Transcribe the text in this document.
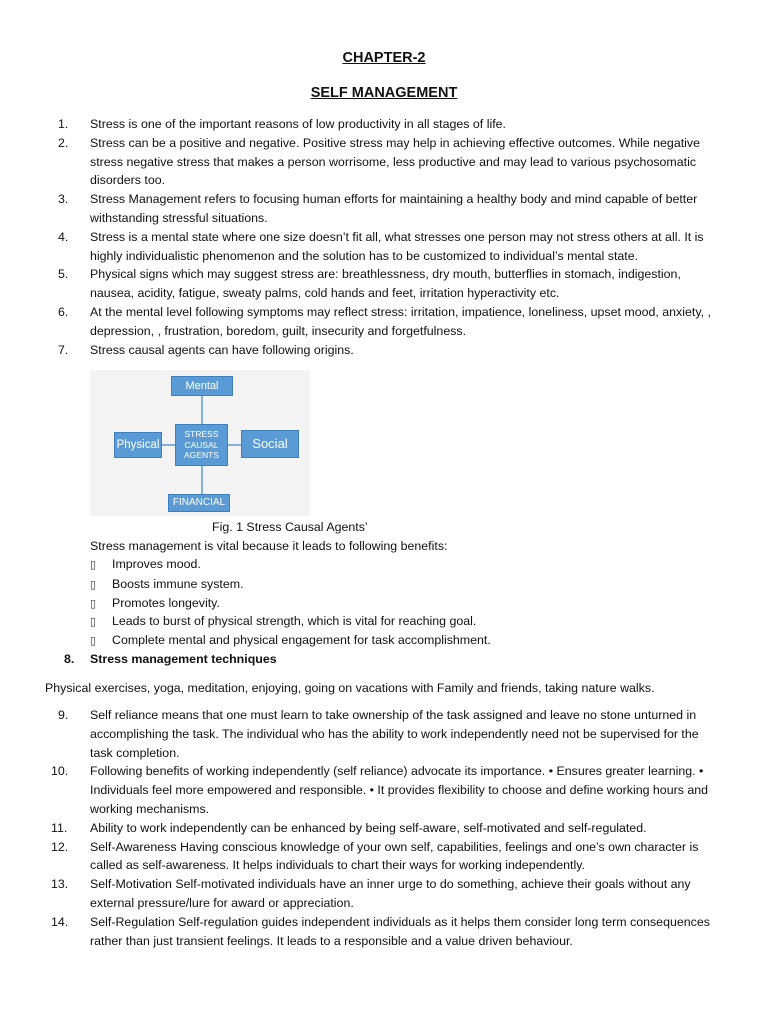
CHAPTER-2
SELF MANAGEMENT
1.	Stress is one of the important reasons of low productivity in all stages of life.
2.	Stress can be a positive and negative. Positive stress may help in achieving effective outcomes. While negative stress negative stress that makes a person worrisome, less productive and may lead to various psychosomatic disorders too.
3.	Stress Management refers to focusing human efforts for maintaining a healthy body and mind capable of better withstanding stressful situations.
4.	Stress is a mental state where one size doesn’t fit all, what stresses one person may not stress others at all. It is highly individualistic phenomenon and the solution has to be customized to individual’s mental state.
5.	Physical signs which may suggest stress are: breathlessness, dry mouth, butterflies in stomach, indigestion, nausea, acidity, fatigue, sweaty palms, cold hands and feet, irritation hyperactivity etc.
6.	At the mental level following symptoms may reflect stress: irritation, impatience, loneliness, upset mood, anxiety, , depression, , frustration, boredom, guilt, insecurity and forgetfulness.
7.	Stress causal agents can have following origins.
Mental
Physical	Social
FINANCIAL
STRESS
CAUSAL
AGENTS
Fig. 1 Stress Causal Agents’
Stress management is vital because it leads to following benefits:
▯ Improves mood.
▯ Boosts immune system.
▯ Promotes longevity.
▯ Leads to burst of physical strength, which is vital for reaching goal.
▯ Complete mental and physical engagement for task accomplishment.
8. Stress management techniques
Physical exercises, yoga, meditation, enjoying, going on vacations with Family and friends, taking nature walks.
9.	Self reliance means that one must learn to take ownership of the task assigned and leave no stone unturned in accomplishing the task. The individual who has the ability to work independently need not be supervised for the task completion.
10.	Following benefits of working independently (self reliance) advocate its importance. • Ensures greater learning. • Individuals feel more empowered and responsible. • It provides flexibility to choose and define working hours and working mechanisms.
11.	Ability to work independently can be enhanced by being self-aware, self-motivated and self-regulated.
12.	Self-Awareness Having conscious knowledge of your own self, capabilities, feelings and one’s own character is called as self-awareness. It helps individuals to chart their ways for working independently.
13.	Self-Motivation Self-motivated individuals have an inner urge to do something, achieve their goals without any external pressure/lure for award or appreciation.
14.	Self-Regulation Self-regulation guides independent individuals as it helps them consider long term consequences rather than just transient feelings. It leads to a responsible and a value driven behaviour.
